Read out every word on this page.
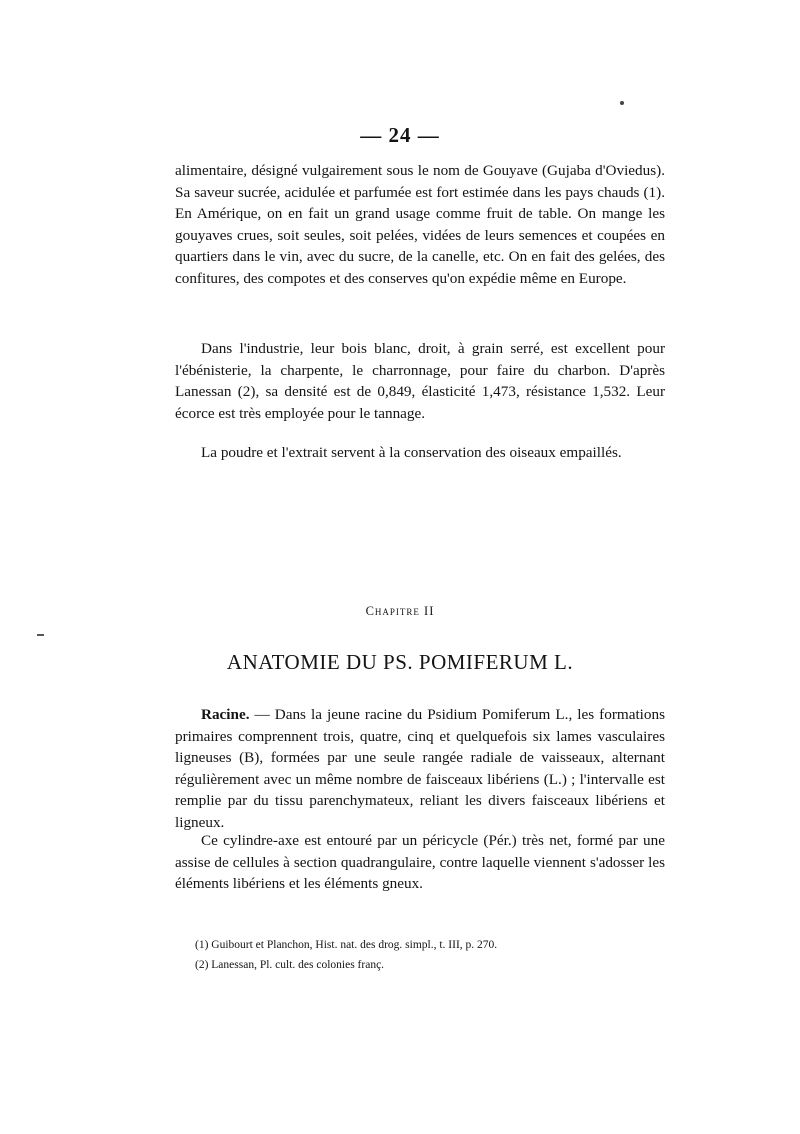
— 24 —

alimentaire, désigné vulgairement sous le nom de Gouyave (Gujaba d'Oviedus). Sa saveur sucrée, acidulée et parfumée est fort estimée dans les pays chauds (1). En Amérique, on en fait un grand usage comme fruit de table. On mange les gouyaves crues, soit seules, soit pelées, vidées de leurs semences et coupées en quartiers dans le vin, avec du sucre, de la canelle, etc. On en fait des gelées, des confitures, des compotes et des conserves qu'on expédie même en Europe.

Dans l'industrie, leur bois blanc, droit, à grain serré, est excellent pour l'ébénisterie, la charpente, le charronnage, pour faire du charbon. D'après Lanessan (2), sa densité est de 0,849, élasticité 1,473, résistance 1,532. Leur écorce est très employée pour le tannage.

La poudre et l'extrait servent à la conservation des oiseaux empaillés.

Chapitre II
ANATOMIE DU PS. POMIFERUM L.

Racine. — Dans la jeune racine du Psidium Pomiferum L., les formations primaires comprennent trois, quatre, cinq et quelquefois six lames vasculaires ligneuses (B), formées par une seule rangée radiale de vaisseaux, alternant régulièrement avec un même nombre de faisceaux libériens (L.) ; l'intervalle est remplie par du tissu parenchymateux, reliant les divers faisceaux libériens et ligneux.

Ce cylindre-axe est entouré par un péricycle (Pér.) très net, formé par une assise de cellules à section quadrangulaire, contre laquelle viennent s'adosser les éléments libériens et les éléments gneux.

(1) Guibourt et Planchon, Hist. nat. des drog. simpl., t. III, p. 270.
(2) Lanessan, Pl. cult. des colonies franç.
